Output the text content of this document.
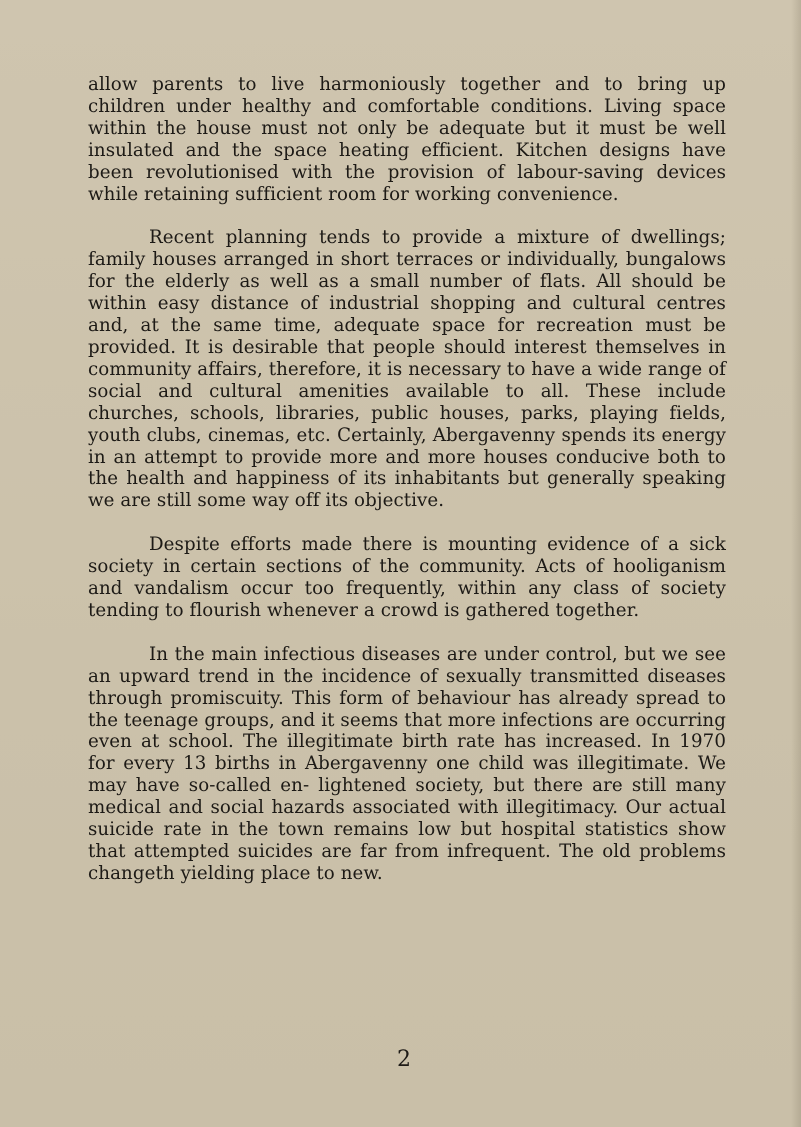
allow parents to live harmoniously together and to bring up children under healthy and comfortable conditions. Living space within the house must not only be adequate but it must be well insulated and the space heating efficient. Kitchen designs have been revolutionised with the provision of labour-saving devices while retaining sufficient room for working convenience.

Recent planning tends to provide a mixture of dwellings; family houses arranged in short terraces or individually, bungalows for the elderly as well as a small number of flats. All should be within easy distance of industrial shopping and cultural centres and, at the same time, adequate space for recreation must be provided. It is desirable that people should interest themselves in community affairs, therefore, it is necessary to have a wide range of social and cultural amenities available to all. These include churches, schools, libraries, public houses, parks, playing fields, youth clubs, cinemas, etc. Certainly, Abergavenny spends its energy in an attempt to provide more and more houses conducive both to the health and happiness of its inhabitants but generally speaking we are still some way off its objective.

Despite efforts made there is mounting evidence of a sick society in certain sections of the community. Acts of hooliganism and vandalism occur too frequently, within any class of society tending to flourish whenever a crowd is gathered together.

In the main infectious diseases are under control, but we see an upward trend in the incidence of sexually transmitted diseases through promiscuity. This form of behaviour has already spread to the teenage groups, and it seems that more infections are occurring even at school. The illegitimate birth rate has increased. In 1970 for every 13 births in Abergavenny one child was illegitimate. We may have so-called en- lightened society, but there are still many medical and social hazards associated with illegitimacy. Our actual suicide rate in the town remains low but hospital statistics show that attempted suicides are far from infrequent. The old problems changeth yielding place to new.

2
